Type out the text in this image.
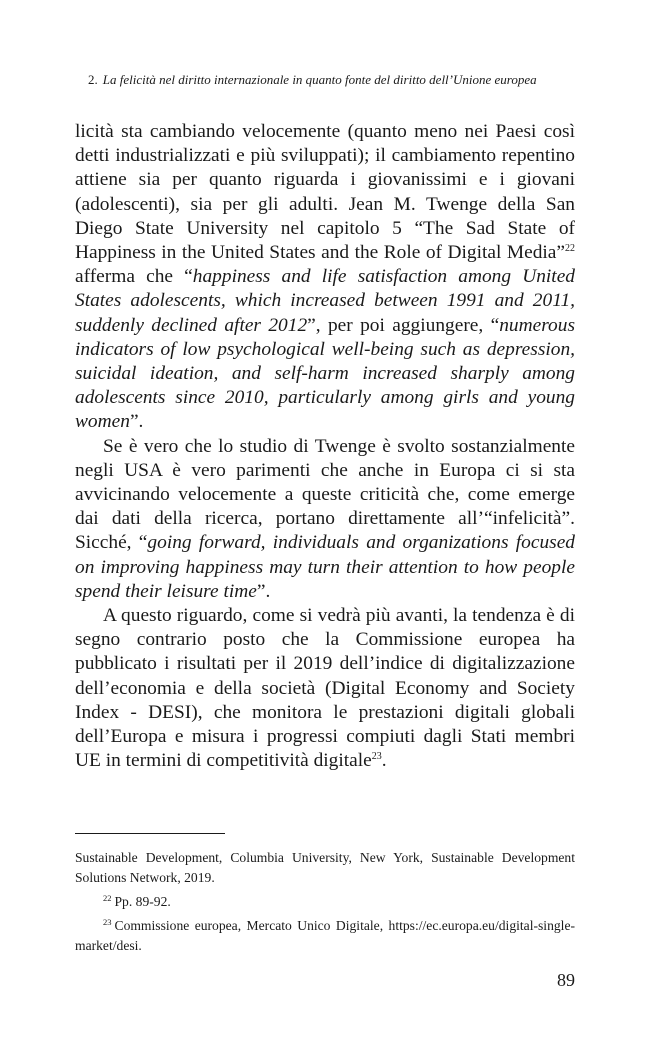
2. La felicità nel diritto internazionale in quanto fonte del diritto dell’Unione europea

licità sta cambiando velocemente (quanto meno nei Paesi così detti industrializzati e più sviluppati); il cambiamento repentino attiene sia per quanto riguarda i giovanissimi e i giovani (adolescenti), sia per gli adulti. Jean M. Twenge della San Diego State University nel capitolo 5 “The Sad State of Happiness in the United States and the Role of Digital Media”$^{22}$ afferma che “happiness and life satisfaction among United States adolescents, which increased between 1991 and 2011, suddenly declined after 2012”, per poi aggiungere, “numerous indicators of low psychological well-being such as depression, suicidal ideation, and self-harm increased sharply among adolescents since 2010, particularly among girls and young women”.

Se è vero che lo studio di Twenge è svolto sostanzialmente negli USA è vero parimenti che anche in Europa ci si sta avvicinando velocemente a queste criticità che, come emerge dai dati della ricerca, portano direttamente all’“infelicità”. Sicché, “going forward, individuals and organizations focused on improving happiness may turn their attention to how people spend their leisure time”.

A questo riguardo, come si vedrà più avanti, la tendenza è di segno contrario posto che la Commissione europea ha pubblicato i risultati per il 2019 dell’indice di digitalizzazione dell’economia e della società (Digital Economy and Society Index - DESI), che monitora le prestazioni digitali globali dell’Europa e misura i progressi compiuti dagli Stati membri UE in termini di competitività digitale$^{23}$.

Sustainable Development, Columbia University, New York, Sustainable Development Solutions Network, 2019.

$^{22}$ Pp. 89-92.

$^{23}$ Commissione europea, Mercato Unico Digitale, https://ec.europa.eu/digital-single-market/desi.

89
